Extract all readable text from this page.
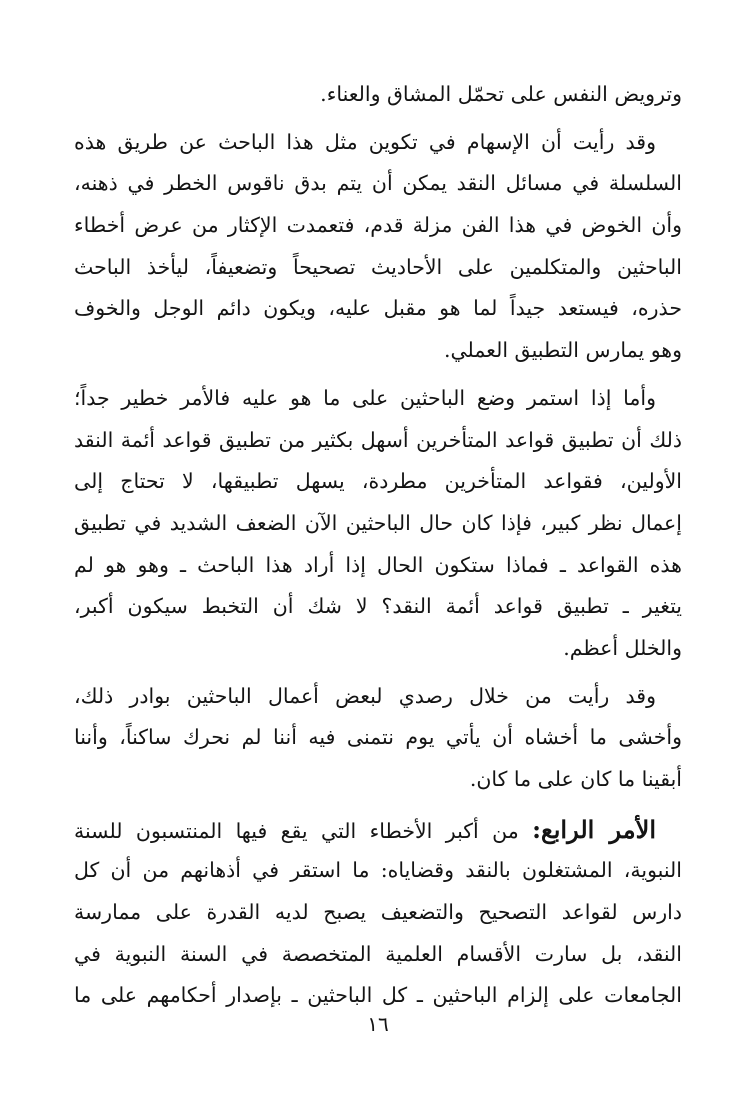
وترويض النفس على تحمّل المشاق والعناء.
وقد رأيت أن الإسهام في تكوين مثل هذا الباحث عن طريق هذه
السلسلة في مسائل النقد يمكن أن يتم بدق ناقوس الخطر في ذهنه،
وأن الخوض في هذا الفن مزلة قدم، فتعمدت الإكثار من عرض أخطاء
الباحثين والمتكلمين على الأحاديث تصحيحاً وتضعيفاً، ليأخذ الباحث
حذره، فيستعد جيداً لما هو مقبل عليه، ويكون دائم الوجل والخوف
وهو يمارس التطبيق العملي.
وأما إذا استمر وضع الباحثين على ما هو عليه فالأمر خطير جداً؛
ذلك أن تطبيق قواعد المتأخرين أسهل بكثير من تطبيق قواعد أئمة النقد
الأولين، فقواعد المتأخرين مطردة، يسهل تطبيقها، لا تحتاج إلى
إعمال نظر كبير، فإذا كان حال الباحثين الآن الضعف الشديد في تطبيق
هذه القواعد ـ فماذا ستكون الحال إذا أراد هذا الباحث ـ وهو هو لم
يتغير ـ تطبيق قواعد أئمة النقد؟ لا شك أن التخبط سيكون أكبر،
والخلل أعظم.
وقد رأيت من خلال رصدي لبعض أعمال الباحثين بوادر ذلك،
وأخشى ما أخشاه أن يأتي يوم نتمنى فيه أننا لم نحرك ساكناً، وأننا
أبقينا ما كان على ما كان.
الأمر الرابع: من أكبر الأخطاء التي يقع فيها المنتسبون للسنة
النبوية، المشتغلون بالنقد وقضاياه: ما استقر في أذهانهم من أن كل
دارس لقواعد التصحيح والتضعيف يصبح لديه القدرة على ممارسة
النقد، بل سارت الأقسام العلمية المتخصصة في السنة النبوية في
الجامعات على إلزام الباحثين ـ كل الباحثين ـ بإصدار أحكامهم على ما
١٦
